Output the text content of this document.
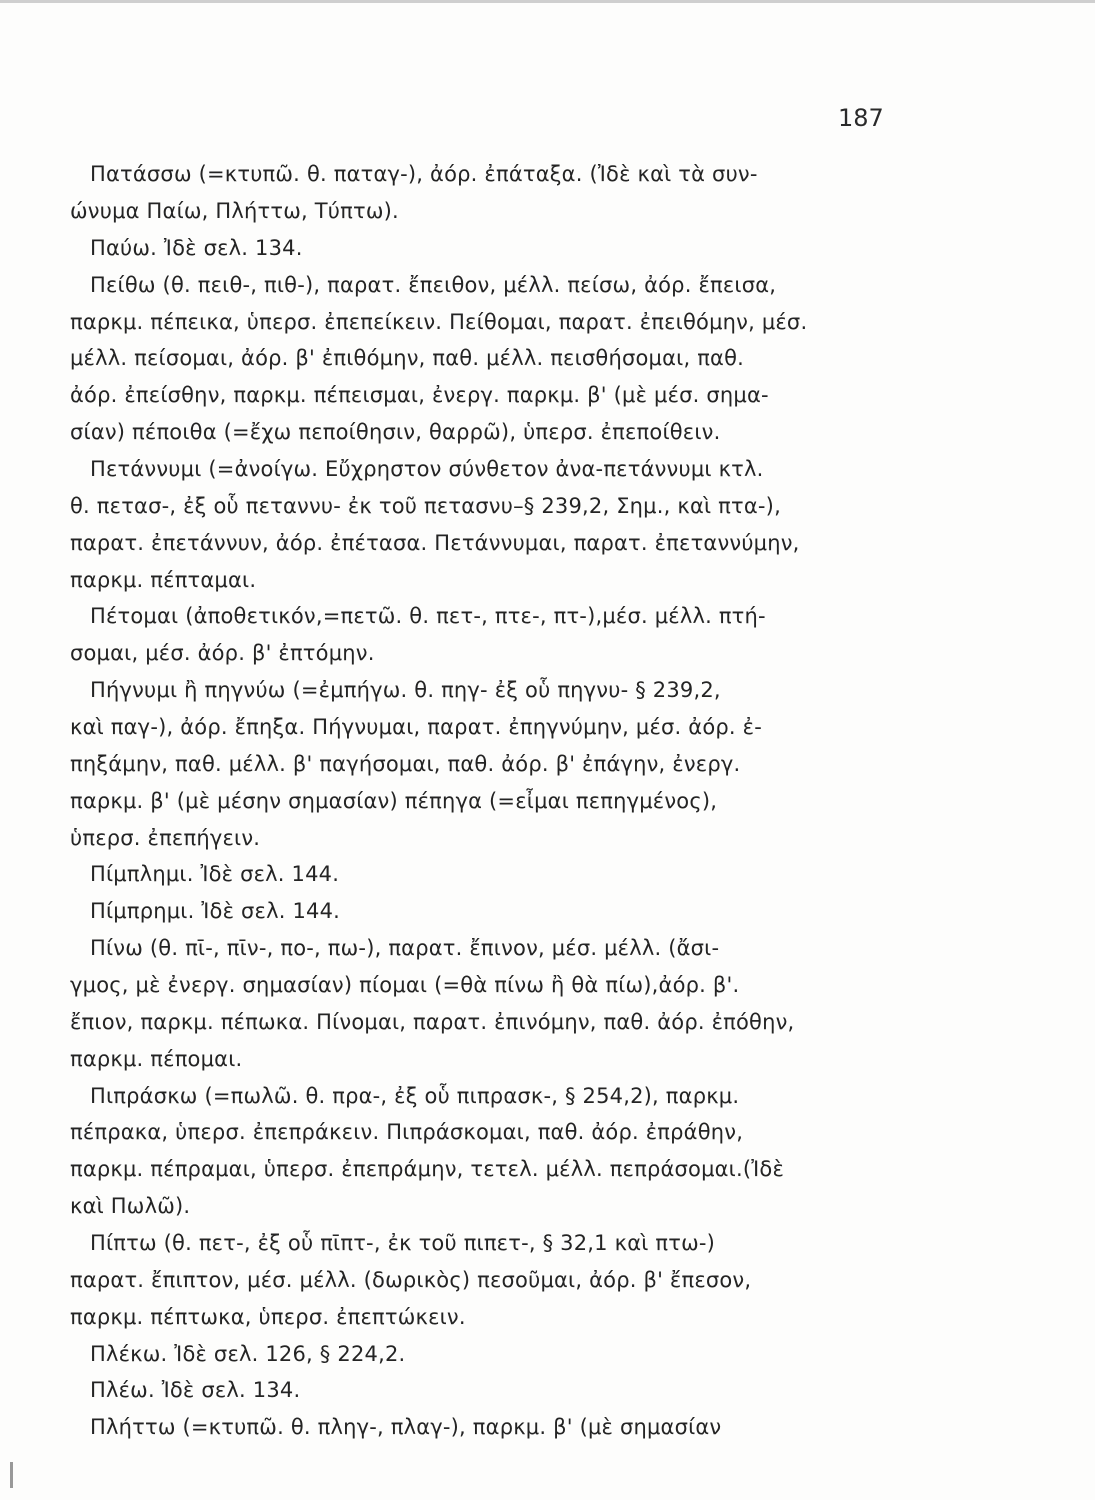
187
Πατάσσω (=κτυπῶ. θ. παταγ-), ἀόρ. ἐπάταξα. (Ἰδὲ καὶ τὰ συν-
ώνυμα Παίω, Πλήττω, Τύπτω).
Παύω. Ἰδὲ σελ. 134.
Πείθω (θ. πειθ-, πιθ-), παρατ. ἔπειθον, μέλλ. πείσω, ἀόρ. ἔπεισα,
παρκμ. πέπεικα, ὑπερσ. ἐπεπείκειν. Πείθομαι, παρατ. ἐπειθόμην, μέσ.
μέλλ. πείσομαι, ἀόρ. β' ἐπιθόμην, παθ. μέλλ. πεισθήσομαι, παθ.
ἀόρ. ἐπείσθην, παρκμ. πέπεισμαι, ἐνεργ. παρκμ. β' (μὲ μέσ. σημα-
σίαν) πέποιθα (=ἔχω πεποίθησιν, θαρρῶ), ὑπερσ. ἐπεποίθειν.
Πετάννυμι (=ἀνοίγω. Εὔχρηστον σύνθετον ἀνα-πετάννυμι κτλ.
θ. πετασ-, ἐξ οὗ πεταννυ- ἐκ τοῦ πετασνυ–§ 239,2, Σημ., καὶ πτα-),
παρατ. ἐπετάννυν, ἀόρ. ἐπέτασα. Πετάννυμαι, παρατ. ἐπεταννύμην,
παρκμ. πέπταμαι.
Πέτομαι (ἀποθετικόν,=πετῶ. θ. πετ-, πτε-, πτ-),μέσ. μέλλ. πτή-
σομαι, μέσ. ἀόρ. β' ἐπτόμην.
Πήγνυμι ἢ πηγνύω (=ἐμπήγω. θ. πηγ- ἐξ οὗ πηγνυ- § 239,2,
καὶ παγ-), ἀόρ. ἔπηξα. Πήγνυμαι, παρατ. ἐπηγνύμην, μέσ. ἀόρ. ἐ-
πηξάμην, παθ. μέλλ. β' παγήσομαι, παθ. ἀόρ. β' ἐπάγην, ἐνεργ.
παρκμ. β' (μὲ μέσην σημασίαν) πέπηγα (=εἶμαι πεπηγμένος),
ὑπερσ. ἐπεπήγειν.
Πίμπλημι. Ἰδὲ σελ. 144.
Πίμπρημι. Ἰδὲ σελ. 144.
Πίνω (θ. πῑ-, πῑν-, πο-, πω-), παρατ. ἔπινον, μέσ. μέλλ. (ἄσι-
γμος, μὲ ἐνεργ. σημασίαν) πίομαι (=θὰ πίνω ἢ θὰ πίω),ἀόρ. β'.
ἔπιον, παρκμ. πέπωκα. Πίνομαι, παρατ. ἐπινόμην, παθ. ἀόρ. ἐπόθην,
παρκμ. πέπομαι.
Πιπράσκω (=πωλῶ. θ. πρα-, ἐξ οὗ πιπρασκ-, § 254,2), παρκμ.
πέπρακα, ὑπερσ. ἐπεπράκειν. Πιπράσκομαι, παθ. ἀόρ. ἐπράθην,
παρκμ. πέπραμαι, ὑπερσ. ἐπεπράμην, τετελ. μέλλ. πεπράσομαι.(Ἰδὲ
καὶ Πωλῶ).
Πίπτω (θ. πετ-, ἐξ οὗ πῑπτ-, ἐκ τοῦ πιπετ-, § 32,1 καὶ πτω-)
παρατ. ἔπιπτον, μέσ. μέλλ. (δωρικὸς) πεσοῦμαι, ἀόρ. β' ἔπεσον,
παρκμ. πέπτωκα, ὑπερσ. ἐπεπτώκειν.
Πλέκω. Ἰδὲ σελ. 126, § 224,2.
Πλέω. Ἰδὲ σελ. 134.
Πλήττω (=κτυπῶ. θ. πληγ-, πλαγ-), παρκμ. β' (μὲ σημασίαν
